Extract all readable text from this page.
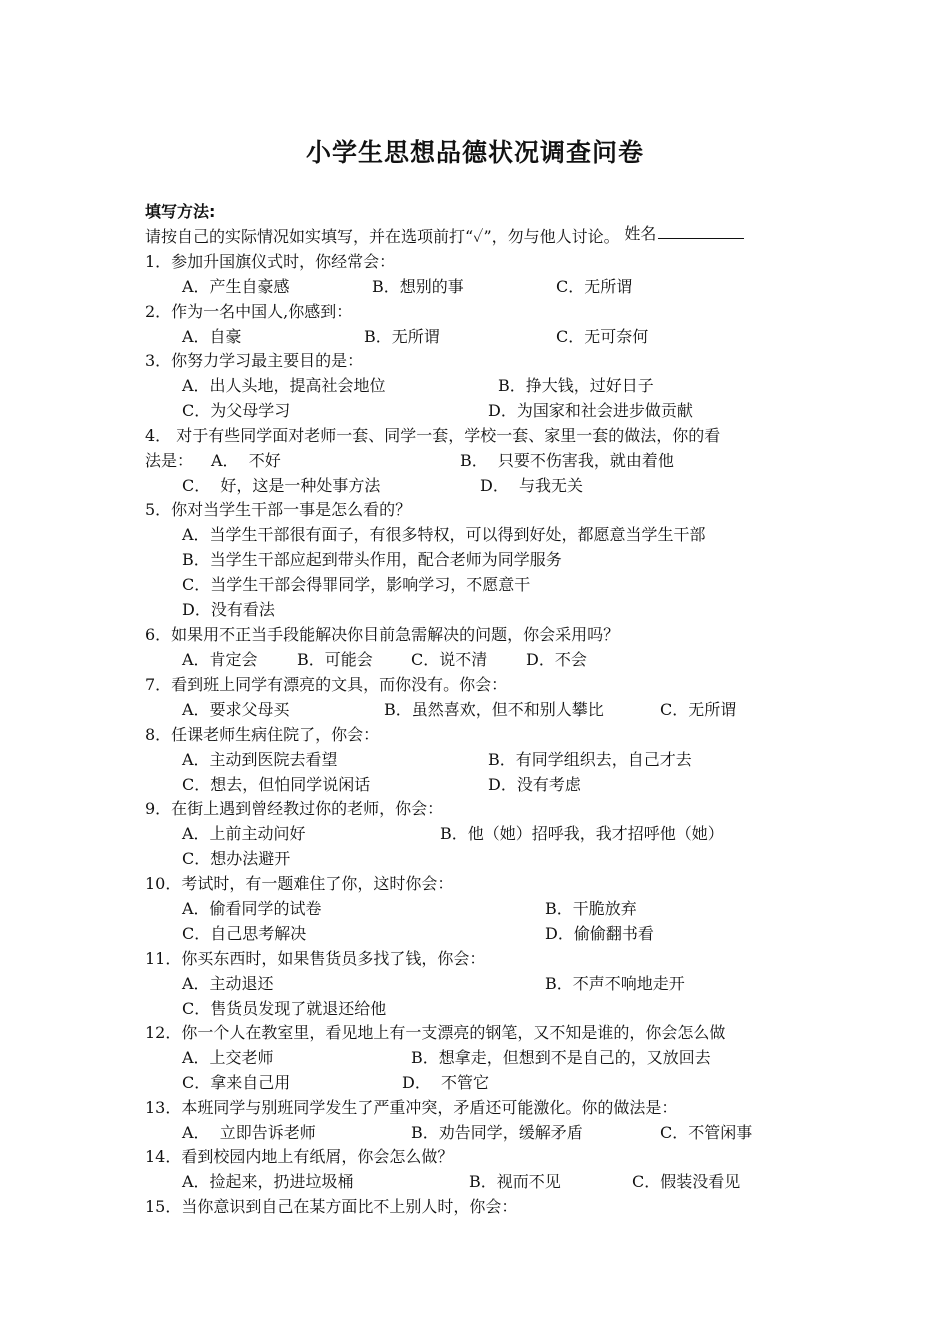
小学生思想品德状况调查问卷
填写方法:

姓名

请按自己的实际情况如实填写，并在选项前打“✓”，勿与他人讨论。
1．参加升国旗仪式时，你经常会：
A．产生自豪感	B．想别的事	C．无所谓
2．作为一名中国人,你感到：
A．自豪	B．无所谓	C．无可奈何
3．你努力学习最主要目的是：
A．出人头地，提高社会地位	B．挣大钱，过好日子
C．为父母学习	D．为国家和社会进步做贡献
4． 对于有些同学面对老师一套、同学一套，学校一套、家里一套的做法，你的看
法是： A．  不好	B．  只要不伤害我，就由着他
C．  好，这是一种处事方法	D．  与我无关
5．你对当学生干部一事是怎么看的？
A．当学生干部很有面子，有很多特权，可以得到好处，都愿意当学生干部
B．当学生干部应起到带头作用，配合老师为同学服务
C．当学生干部会得罪同学，影响学习，不愿意干
D．没有看法
6．如果用不正当手段能解决你目前急需解决的问题，你会采用吗？
A．肯定会 B．可能会 C．说不清 D．不会
7．看到班上同学有漂亮的文具，而你没有。你会：
A．要求父母买	B．虽然喜欢，但不和别人攀比	C．无所谓
8．任课老师生病住院了，你会：
A．主动到医院去看望	B．有同学组织去，自己才去
C．想去，但怕同学说闲话	D．没有考虑
9．在街上遇到曾经教过你的老师，你会：
A．上前主动问好	B．他（她）招呼我，我才招呼他（她）
C．想办法避开
10．考试时，有一题难住了你，这时你会：
A．偷看同学的试卷	B．干脆放弃
C．自己思考解决	D．偷偷翻书看
11．你买东西时，如果售货员多找了钱，你会：
A．主动退还	B．不声不响地走开
C．售货员发现了就退还给他
12．你一个人在教室里，看见地上有一支漂亮的钢笔，又不知是谁的，你会怎么做
A．上交老师	B．想拿走，但想到不是自己的，又放回去
C．拿来自己用	D．  不管它
13．本班同学与别班同学发生了严重冲突，矛盾还可能激化。你的做法是：
A．  立即告诉老师	B．劝告同学，缓解矛盾	C．不管闲事
14．看到校园内地上有纸屑，你会怎么做？
A．捡起来，扔进垃圾桶	B．视而不见	C．假装没看见
15．当你意识到自己在某方面比不上别人时，你会：
